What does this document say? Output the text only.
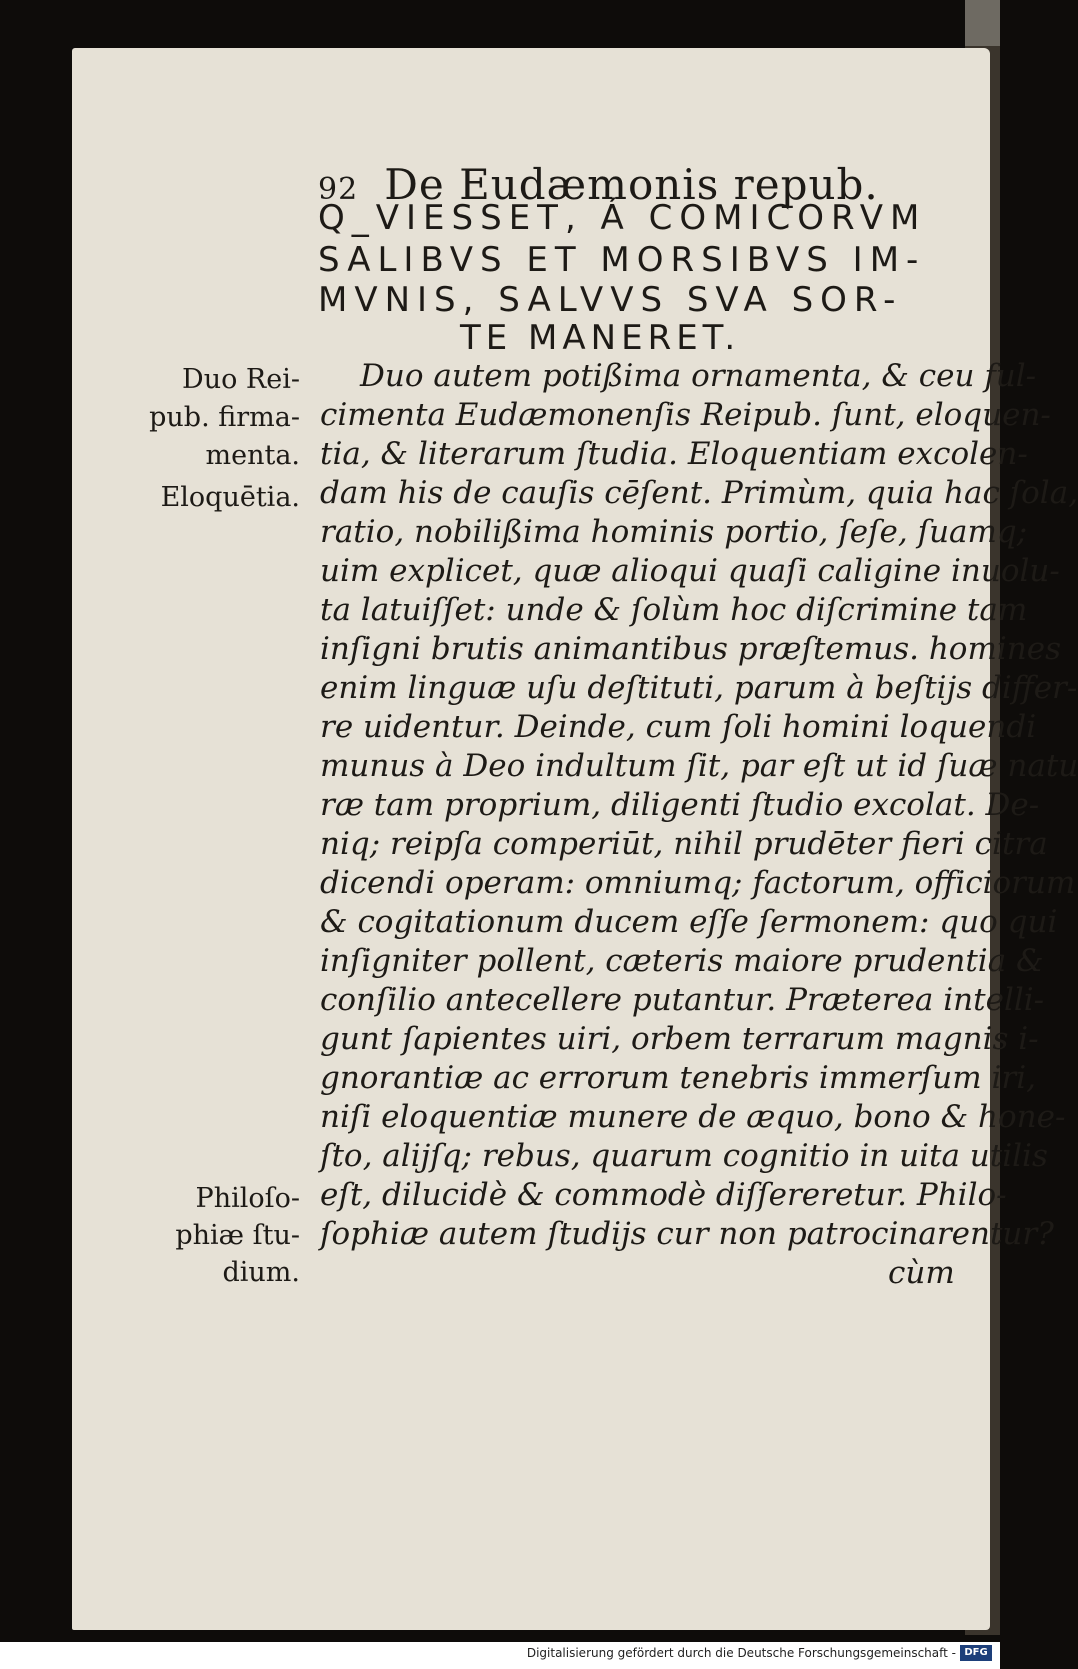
92 De Eudæmonis repub.
Q_VIESSET, Á COMICORVM
SALIBVS ET MORSIBVS IM-
MVNIS, SALVVS SVA SOR-
TE MANERET.
Duo autem potißima ornamenta, & ceu ful-
cimenta Eudæmonenſis Reipub. ſunt, eloquen-
tia, & literarum ſtudia. Eloquentiam excolen-
dam his de cauſis cēſent. Primùm, quia hac ſola,
ratio, nobilißima hominis portio, ſeſe, ſuamq;
uim explicet, quæ alioqui quaſi caligine inuolu-
ta latuiſſet: unde & ſolùm hoc diſcrimine tam
inſigni brutis animantibus præſtemus. homines
enim linguæ uſu deſtituti, parum à beſtijs differ-
re uidentur. Deinde, cum ſoli homini loquendi
munus à Deo indultum ſit, par eſt ut id ſuæ natu
ræ tam proprium, diligenti ſtudio excolat. De-
niq; reipſa comperiūt, nihil prudēter fieri citra
dicendi operam: omniumq; factorum, officiorum
& cogitationum ducem eſſe ſermonem: quo qui
inſigniter pollent, cæteris maiore prudentia &
conſilio antecellere putantur. Præterea intelli-
gunt ſapientes uiri, orbem terrarum magnis i-
gnorantiæ ac errorum tenebris immerſum iri,
niſi eloquentiæ munere de æquo, bono & hone-
ſto, alijſq; rebus, quarum cognitio in uita utilis
eſt, dilucidè & commodè diſſereretur. Philo-
ſophiæ autem ſtudijs cur non patrocinarentur?
cùm
Duo Rei-
pub. firma-
menta.
Eloquētia.
Philoſo-
phiæ ſtu-
dium.
Digitalisierung gefördert durch die Deutsche Forschungsgemeinschaft - DFG
